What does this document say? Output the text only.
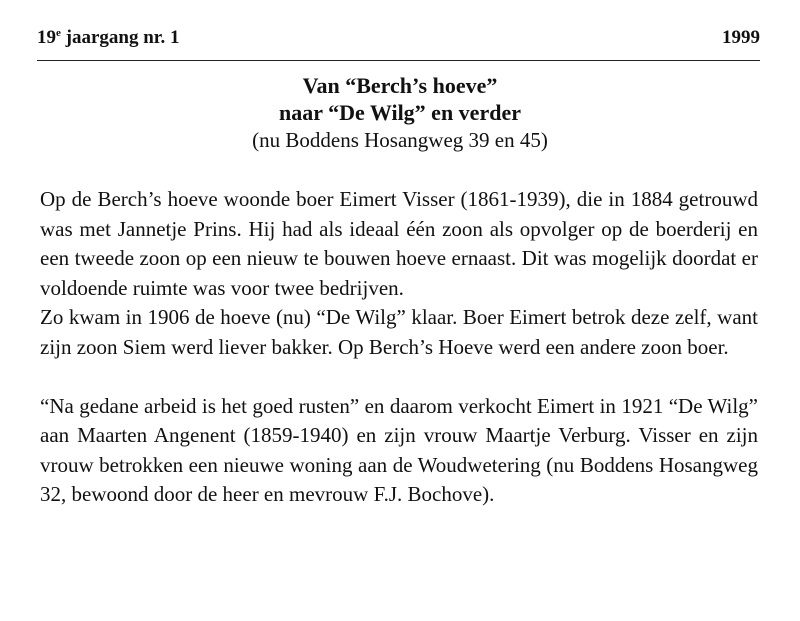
19e jaargang nr. 1	1999

Van “Berch’s hoeve”

naar “De Wilg” en verder

(nu Boddens Hosangweg 39 en 45)

Op de Berch’s hoeve woonde boer Eimert Visser (1861-1939), die in 1884 getrouwd was met Jannetje Prins. Hij had als ideaal één zoon als opvolger op de boerderij en een tweede zoon op een nieuw te bouwen hoeve ernaast. Dit was mogelijk doordat er voldoende ruimte was voor twee bedrijven.

Zo kwam in 1906 de hoeve (nu) “De Wilg” klaar. Boer Eimert betrok deze zelf, want zijn zoon Siem werd liever bakker. Op Berch’s Hoeve werd een andere zoon boer.

“Na gedane arbeid is het goed rusten” en daarom verkocht Eimert in 1921 “De Wilg” aan Maarten Angenent (1859-1940) en zijn vrouw Maartje Verburg. Visser en zijn vrouw betrokken een nieuwe woning aan de Woudwetering (nu Boddens Hosangweg 32, bewoond door de heer en mevrouw F.J. Bochove).
